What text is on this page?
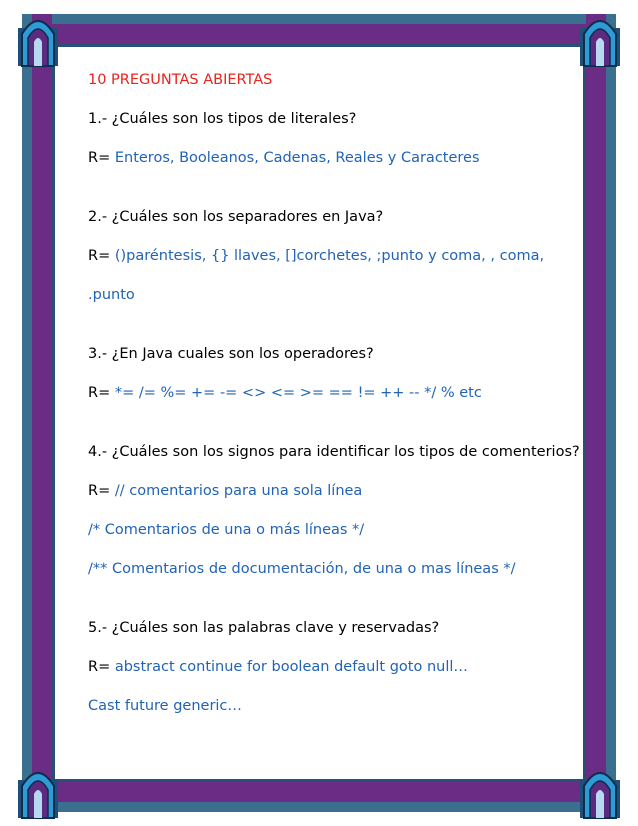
10 PREGUNTAS ABIERTAS

1.- ¿Cuáles son los tipos de literales?

R= Enteros, Booleanos, Cadenas, Reales y Caracteres

2.- ¿Cuáles son los separadores en Java?

R= ()paréntesis, {} llaves, []corchetes, ;punto y coma, , coma,

.punto

3.- ¿En Java cuales son los operadores?

R= *= /= %= += -= <> <= >= == != ++ -- */ % etc

4.- ¿Cuáles son los signos para identificar los tipos de comenterios?

R= // comentarios para una sola línea

/* Comentarios de una o más líneas */

/** Comentarios de documentación, de una o mas líneas */

5.- ¿Cuáles son las palabras clave y reservadas?

R= abstract continue for boolean default goto null…

Cast future generic…
